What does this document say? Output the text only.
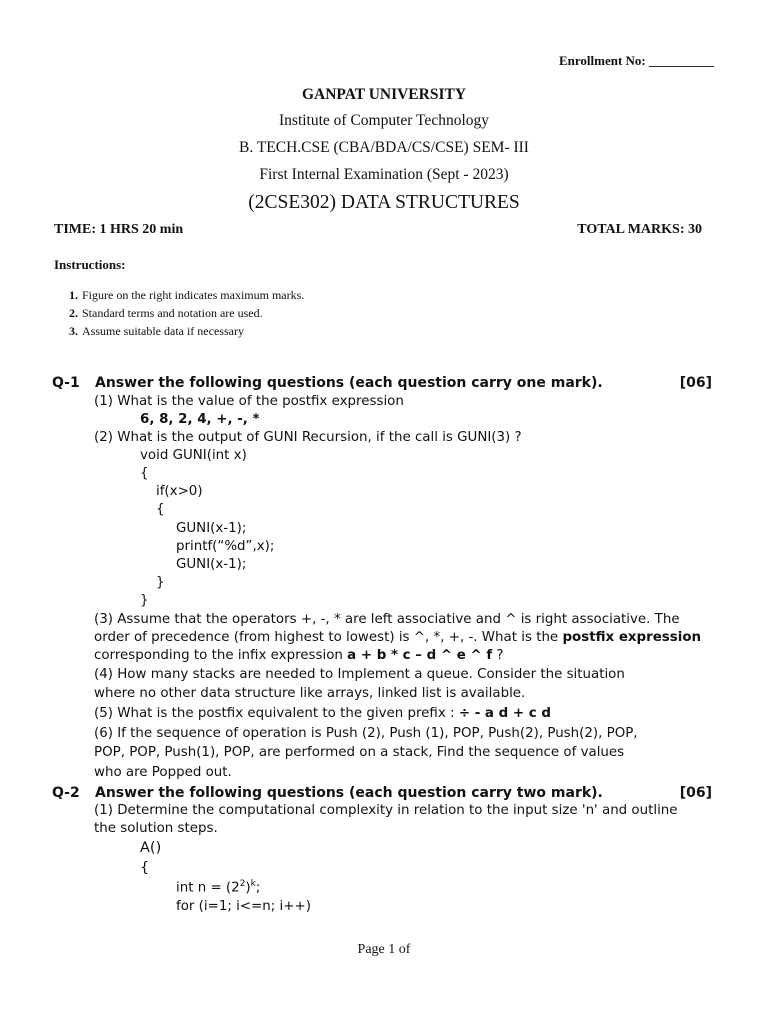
Enrollment No: __________
GANPAT UNIVERSITY
Institute of Computer Technology
B. TECH.CSE (CBA/BDA/CS/CSE) SEM- III
First Internal Examination (Sept - 2023)
(2CSE302) DATA STRUCTURES
TIME: 1 HRS 20 min	TOTAL MARKS: 30
Instructions:
1. Figure on the right indicates maximum marks.
2. Standard terms and notation are used.
3. Assume suitable data if necessary
Q-1 Answer the following questions (each question carry one mark).	[06]
(1) What is the value of the postfix expression
6, 8, 2, 4, +, -, *
(2) What is the output of GUNI Recursion, if the call is GUNI(3) ?
void GUNI(int x)
{
if(x>0)
{
GUNI(x-1);
printf(“%d”,x);
GUNI(x-1);
}
}
(3) Assume that the operators +, -, * are left associative and ^ is right associative. The
order of precedence (from highest to lowest) is ^, *, +, -. What is the postfix expression
corresponding to the infix expression a + b * c – d ^ e ^ f ?
(4) How many stacks are needed to Implement a queue. Consider the situation
where no other data structure like arrays, linked list is available.
(5) What is the postfix equivalent to the given prefix : ÷ - a d + c d
(6) If the sequence of operation is Push (2), Push (1), POP, Push(2), Push(2), POP,
POP, POP, Push(1), POP, are performed on a stack, Find the sequence of values
who are Popped out.
Q-2 Answer the following questions (each question carry two mark).	[06]
(1) Determine the computational complexity in relation to the input size 'n' and outline
the solution steps.
A()
{
int $n = (2^2)^k$;
for (i=1; i<=n; i++)
Page 1 of
